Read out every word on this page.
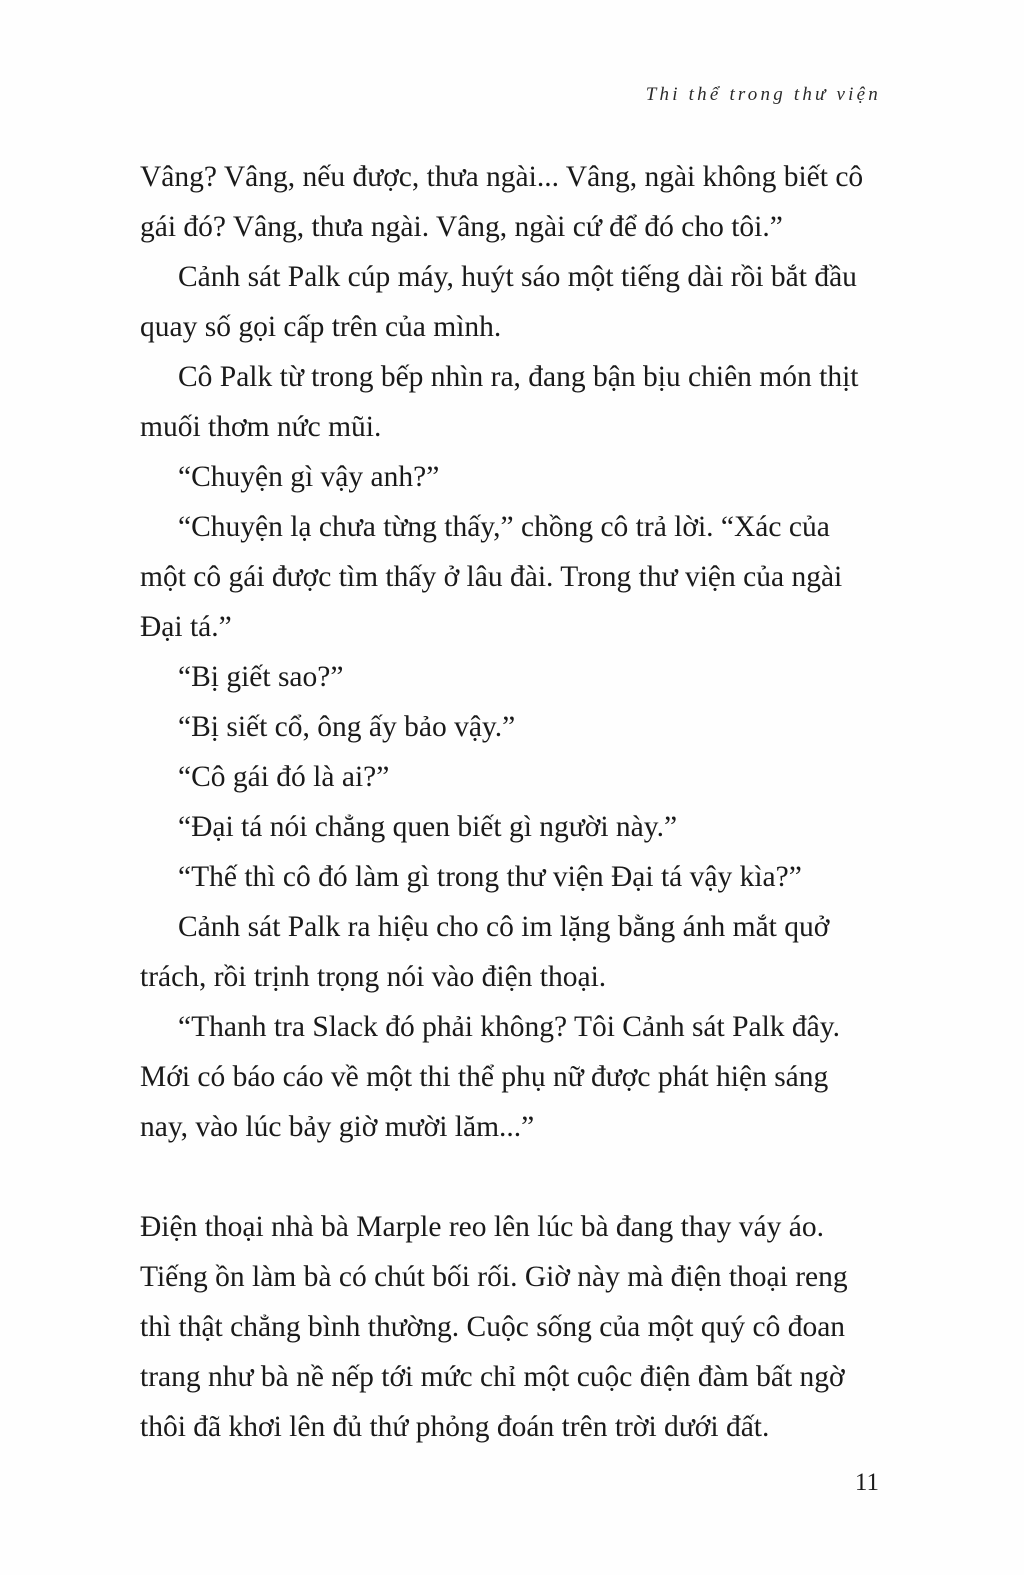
Thi thể trong thư viện

Vâng? Vâng, nếu được, thưa ngài... Vâng, ngài không biết cô gái đó? Vâng, thưa ngài. Vâng, ngài cứ để đó cho tôi.”

Cảnh sát Palk cúp máy, huýt sáo một tiếng dài rồi bắt đầu quay số gọi cấp trên của mình.

Cô Palk từ trong bếp nhìn ra, đang bận bịu chiên món thịt muối thơm nức mũi.

“Chuyện gì vậy anh?”

“Chuyện lạ chưa từng thấy,” chồng cô trả lời. “Xác của một cô gái được tìm thấy ở lâu đài. Trong thư viện của ngài Đại tá.”

“Bị giết sao?”

“Bị siết cổ, ông ấy bảo vậy.”

“Cô gái đó là ai?”

“Đại tá nói chẳng quen biết gì người này.”

“Thế thì cô đó làm gì trong thư viện Đại tá vậy kìa?”

Cảnh sát Palk ra hiệu cho cô im lặng bằng ánh mắt quở trách, rồi trịnh trọng nói vào điện thoại.

“Thanh tra Slack đó phải không? Tôi Cảnh sát Palk đây. Mới có báo cáo về một thi thể phụ nữ được phát hiện sáng nay, vào lúc bảy giờ mười lăm...”

Điện thoại nhà bà Marple reo lên lúc bà đang thay váy áo. Tiếng ồn làm bà có chút bối rối. Giờ này mà điện thoại reng thì thật chẳng bình thường. Cuộc sống của một quý cô đoan trang như bà nề nếp tới mức chỉ một cuộc điện đàm bất ngờ thôi đã khơi lên đủ thứ phỏng đoán trên trời dưới đất.

11
